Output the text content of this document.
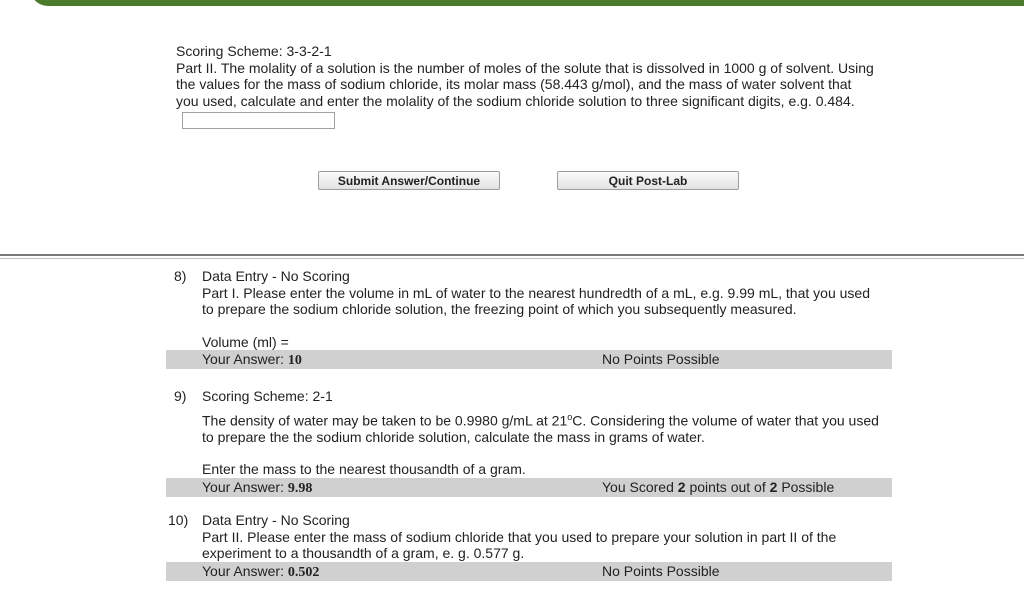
Scoring Scheme: 3-3-2-1

Part II. The molality of a solution is the number of moles of the solute that is dissolved in 1000 g of solvent. Using the values for the mass of sodium chloride, its molar mass (58.443 g/mol), and the mass of water solvent that you used, calculate and enter the molality of the sodium chloride solution to three significant digits, e.g. 0.484.

Submit Answer/Continue	Quit Post-Lab
8) Data Entry - No Scoring

Part I. Please enter the volume in mL of water to the nearest hundredth of a mL, e.g. 9.99 mL, that you used to prepare the sodium chloride solution, the freezing point of which you subsequently measured.

Volume (ml) =

Your Answer: 10	No Points Possible
9) Scoring Scheme: 2-1

The density of water may be taken to be 0.9980 g/mL at 21$^o$C. Considering the volume of water that you used to prepare the the sodium chloride solution, calculate the mass in grams of water.

Enter the mass to the nearest thousandth of a gram.

Your Answer: 9.98	You Scored 2 points out of 2 Possible
10) Data Entry - No Scoring

Part II. Please enter the mass of sodium chloride that you used to prepare your solution in part II of the experiment to a thousandth of a gram, e. g. 0.577 g.

Your Answer: 0.502	No Points Possible
